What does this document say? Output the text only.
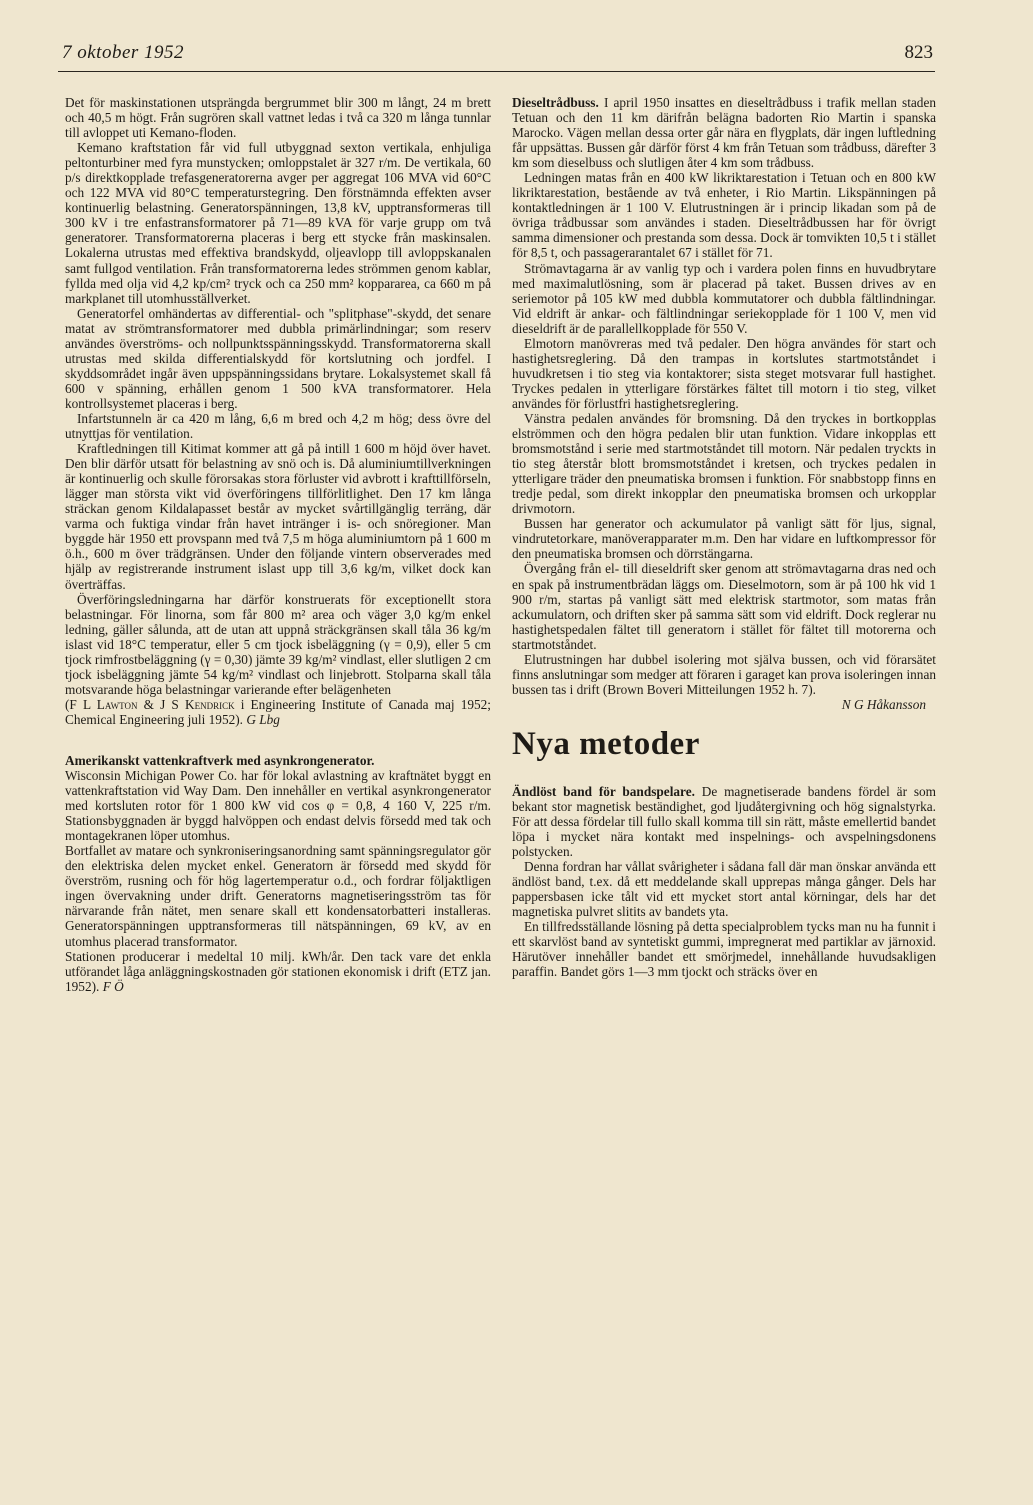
7 oktober 1952	823

Det för maskinstationen utsprängda bergrummet blir 300 m långt, 24 m brett och 40,5 m högt. Från sugrören skall vattnet ledas i två ca 320 m långa tunnlar till avloppet uti Kemano-floden.

Kemano kraftstation får vid full utbyggnad sexton vertikala, enhjuliga peltonturbiner med fyra munstycken; omloppstalet är 327 r/m. De vertikala, 60 p/s direktkopplade trefasgeneratorerna avger per aggregat 106 MVA vid 60°C och 122 MVA vid 80°C temperaturstegring. Den förstnämnda effekten avser kontinuerlig belastning. Generatorspänningen, 13,8 kV, upptransformeras till 300 kV i tre enfastransformatorer på 71—89 kVA för varje grupp om två generatorer. Transformatorerna placeras i berg ett stycke från maskinsalen. Lokalerna utrustas med effektiva brandskydd, oljeavlopp till avloppskanalen samt fullgod ventilation. Från transformatorerna ledes strömmen genom kablar, fyllda med olja vid 4,2 kp/cm² tryck och ca 250 mm² koppararea, ca 660 m på markplanet till utomhusställverket.

Generatorfel omhändertas av differential- och "splitphase"-skydd, det senare matat av strömtransformatorer med dubbla primärlindningar; som reserv användes överströms- och nollpunktsspänningsskydd. Transformatorerna skall utrustas med skilda differentialskydd för kortslutning och jordfel. I skyddsområdet ingår även uppspänningssidans brytare. Lokalsystemet skall få 600 v spänning, erhållen genom 1 500 kVA transformatorer. Hela kontrollsystemet placeras i berg.

Infartstunneln är ca 420 m lång, 6,6 m bred och 4,2 m hög; dess övre del utnyttjas för ventilation.

Kraftledningen till Kitimat kommer att gå på intill 1 600 m höjd över havet. Den blir därför utsatt för belastning av snö och is. Då aluminiumtillverkningen är kontinuerlig och skulle förorsakas stora förluster vid avbrott i krafttillförseln, lägger man största vikt vid överföringens tillförlitlighet. Den 17 km långa sträckan genom Kildalapasset består av mycket svårtillgänglig terräng, där varma och fuktiga vindar från havet intränger i is- och snöregioner. Man byggde här 1950 ett provspann med två 7,5 m höga aluminiumtorn på 1 600 m ö.h., 600 m över trädgränsen. Under den följande vintern observerades med hjälp av registrerande instrument islast upp till 3,6 kg/m, vilket dock kan överträffas.

Överföringsledningarna har därför konstruerats för exceptionellt stora belastningar. För linorna, som får 800 m² area och väger 3,0 kg/m enkel ledning, gäller sålunda, att de utan att uppnå sträckgränsen skall tåla 36 kg/m islast vid 18°C temperatur, eller 5 cm tjock isbeläggning (γ = 0,9), eller 5 cm tjock rimfrostbeläggning (γ = 0,30) jämte 39 kg/m² vindlast, eller slutligen 2 cm tjock isbeläggning jämte 54 kg/m² vindlast och linjebrott. Stolparna skall tåla motsvarande höga belastningar varierande efter belägenheten

(F L Lawton & J S Kendrick i Engineering Institute of Canada maj 1952; Chemical Engineering juli 1952). G Lbg

Amerikanskt vattenkraftverk med asynkrongenerator.

Wisconsin Michigan Power Co. har för lokal avlastning av kraftnätet byggt en vattenkraftstation vid Way Dam. Den innehåller en vertikal asynkrongenerator med kortsluten rotor för 1 800 kW vid cos φ = 0,8, 4 160 V, 225 r/m. Stationsbyggnaden är byggd halvöppen och endast delvis försedd med tak och montagekranen löper utomhus.

Bortfallet av matare och synkroniseringsanordning samt spänningsregulator gör den elektriska delen mycket enkel. Generatorn är försedd med skydd för överström, rusning och för hög lagertemperatur o.d., och fordrar följaktligen ingen övervakning under drift. Generatorns magnetiseringsström tas för närvarande från nätet, men senare skall ett kondensatorbatteri installeras. Generatorspänningen upptransformeras till nätspänningen, 69 kV, av en utomhus placerad transformator.

Stationen producerar i medeltal 10 milj. kWh/år. Den tack vare det enkla utförandet låga anläggningskostnaden gör stationen ekonomisk i drift (ETZ jan. 1952). F Ö

Dieseltrådbuss. I april 1950 insattes en dieseltrådbuss i trafik mellan staden Tetuan och den 11 km därifrån belägna badorten Rio Martin i spanska Marocko. Vägen mellan dessa orter går nära en flygplats, där ingen luftledning får uppsättas. Bussen går därför först 4 km från Tetuan som trådbuss, därefter 3 km som dieselbuss och slutligen åter 4 km som trådbuss.

Ledningen matas från en 400 kW likriktarestation i Tetuan och en 800 kW likriktarestation, bestående av två enheter, i Rio Martin. Likspänningen på kontaktledningen är 1 100 V. Elutrustningen är i princip likadan som på de övriga trådbussar som användes i staden. Dieseltrådbussen har för övrigt samma dimensioner och prestanda som dessa. Dock är tomvikten 10,5 t i stället för 8,5 t, och passagerarantalet 67 i stället för 71.

Strömavtagarna är av vanlig typ och i vardera polen finns en huvudbrytare med maximalutlösning, som är placerad på taket. Bussen drives av en seriemotor på 105 kW med dubbla kommutatorer och dubbla fältlindningar. Vid eldrift är ankar- och fältlindningar seriekopplade för 1 100 V, men vid dieseldrift är de parallellkopplade för 550 V.

Elmotorn manövreras med två pedaler. Den högra användes för start och hastighetsreglering. Då den trampas in kortslutes startmotståndet i huvudkretsen i tio steg via kontaktorer; sista steget motsvarar full hastighet. Tryckes pedalen in ytterligare förstärkes fältet till motorn i tio steg, vilket användes för förlustfri hastighetsreglering.

Vänstra pedalen användes för bromsning. Då den tryckes in bortkopplas elströmmen och den högra pedalen blir utan funktion. Vidare inkopplas ett bromsmotstånd i serie med startmotståndet till motorn. När pedalen tryckts in tio steg återstår blott bromsmotståndet i kretsen, och tryckes pedalen in ytterligare träder den pneumatiska bromsen i funktion. För snabbstopp finns en tredje pedal, som direkt inkopplar den pneumatiska bromsen och urkopplar drivmotorn.

Bussen har generator och ackumulator på vanligt sätt för ljus, signal, vindrutetorkare, manöverapparater m.m. Den har vidare en luftkompressor för den pneumatiska bromsen och dörrstängarna.

Övergång från el- till dieseldrift sker genom att strömavtagarna dras ned och en spak på instrumentbrädan läggs om. Dieselmotorn, som är på 100 hk vid 1 900 r/m, startas på vanligt sätt med elektrisk startmotor, som matas från ackumulatorn, och driften sker på samma sätt som vid eldrift. Dock reglerar nu hastighetspedalen fältet till generatorn i stället för fältet till motorerna och startmotståndet.

Elutrustningen har dubbel isolering mot själva bussen, och vid förarsätet finns anslutningar som medger att föraren i garaget kan prova isoleringen innan bussen tas i drift (Brown Boveri Mitteilungen 1952 h. 7).

N G Håkansson

Nya metoder

Ändlöst band för bandspelare. De magnetiserade bandens fördel är som bekant stor magnetisk beständighet, god ljudåtergivning och hög signalstyrka. För att dessa fördelar till fullo skall komma till sin rätt, måste emellertid bandet löpa i mycket nära kontakt med inspelnings- och avspelningsdonens polstycken.

Denna fordran har vållat svårigheter i sådana fall där man önskar använda ett ändlöst band, t.ex. då ett meddelande skall upprepas många gånger. Dels har pappersbasen icke tålt vid ett mycket stort antal körningar, dels har det magnetiska pulvret slitits av bandets yta.

En tillfredsställande lösning på detta specialproblem tycks man nu ha funnit i ett skarvlöst band av syntetiskt gummi, impregnerat med partiklar av järnoxid. Härutöver innehåller bandet ett smörjmedel, innehållande huvudsakligen paraffin. Bandet görs 1—3 mm tjockt och sträcks över en
